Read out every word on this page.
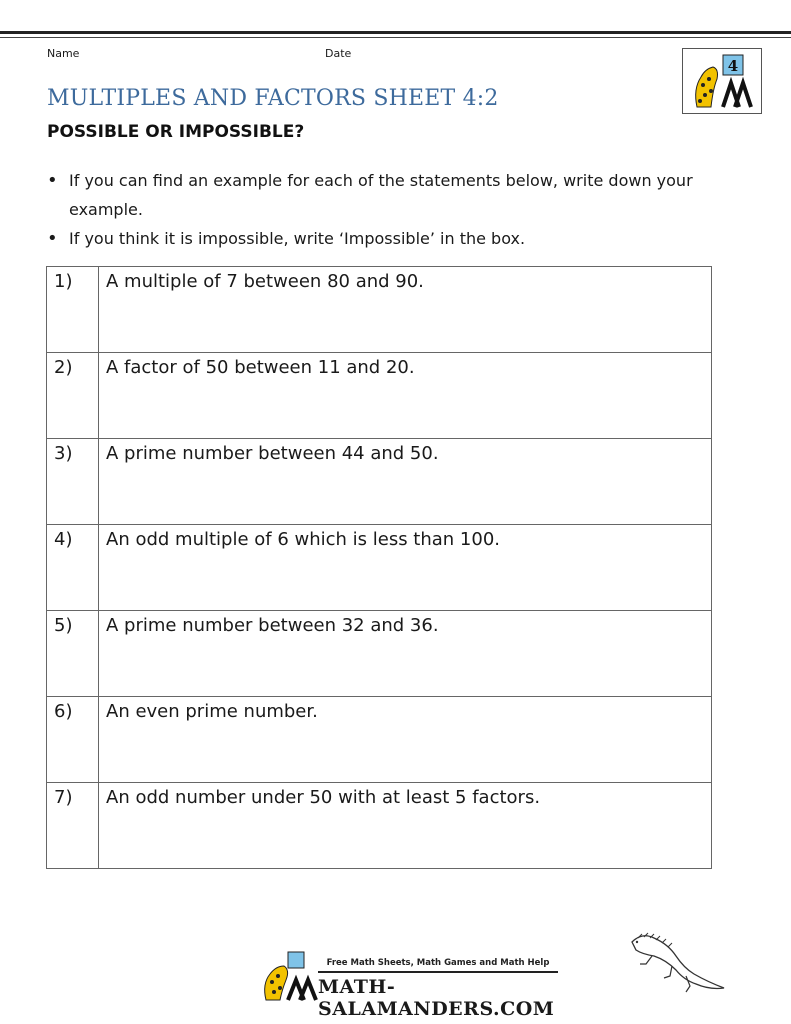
Name	Date
MULTIPLES AND FACTORS SHEET 4:2
POSSIBLE OR IMPOSSIBLE?
4
•
If you can find an example for each of the statements below, write down your example.
•
If you think it is impossible, write ‘Impossible’ in the box.
1)	A multiple of 7 between 80 and 90.
2)	A factor of 50 between 11 and 20.
3)	A prime number between 44 and 50.
4)	An odd multiple of 6 which is less than 100.
5)	A prime number between 32 and 36.
6)	An even prime number.
7)	An odd number under 50 with at least 5 factors.
Free Math Sheets, Math Games and Math Help
MATH-SALAMANDERS.COM
